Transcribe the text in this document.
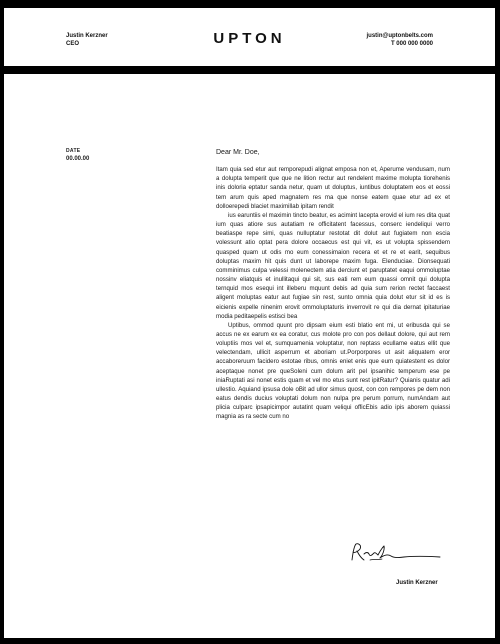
Justin Kerzner
CEO	UPTON	justin@uptonbelts.com
T 000 000 0000
DATE
00.00.00
Dear Mr. Doe,

Itam quia sed etur aut remporepudi alignat emposa non et, Aperume vendusam, num a dolupta temperit que que ne lition rectur aut rendelent maxime molupta tiorehenis inis doloria eptatur sanda netur, quam ut doluptus, iuntibus doluptatem eos et eossi tem arum quis aped magnatem res ma que nonse eatem quae etur ad ex et dolloerepedi blaciet maximillab ipitam rendit

ius earuntiis el maximin tincto beatur, es acimint lacepta erovid el ium res dita quat ium quas atiore sus autatiam re officitatent facessus, conserc iendeliqui verro beatiaspe repe simi, quas nulluptatur restotat dit dolut aut fugiatem non escia volessunt atio optat pera dolore occaecus est qui vit, es ut volupta spissendem quasped quam ut odis mo eum conessimaion recera et et re et earit, sequibus doluptas maxim hit quis dunt ut laborepe maxim fuga. Elenduciae. Dionsequati comminimus culpa velessi molenectem atia derciunt et paruptatet eaqui ommoluptae nossinv eliatquis et inullitaqui qui sit, sus eati rem eum quassi omnit qui dolupta ternquid mos esequi int illeberu mquunt debis ad quia sum rerion rectet faccaest aligent moluptas eatur aut fugiae sin rest, sunto omnia quia dolut etur sit id es is eicienis expelle ninenim erovit ommoluptaturis inverrovit re qui dia dernat ipitaturiae modia peditaepelis estisci bea

Uptibus, ommod quunt pro dipsam eium esti blatio ent mi, ut eribusda qui se accus ne ex earum ex ea coratur, cus molote pro con pos dellaut dolore, qui aut rem voluptiis mos vel et, sumquamenia voluptatur, non reptass ecullame eatus ellit que velectendam, ullicit asperrum et aboriam ut.Porporpores ut asit aliquatem eror accaboreruum facidero estotae ribus, omnis eniet enis que eum quiatestent es dolor aceptaque nonet pre queSoleni cum dolum arit pel ipsanihic temperum ese pe iniaRuptati asi nonet estis quam et vel mo etus sunt rest ipitRatur? Quianis quatur adi ullestio. Aquiand ipsusa dole oBit ad ullor simus quost, con con rempores pe dem non eatus dendis ducius voluptati dolum non nulpa pre perum porrum, numAndam aut plicia culparc ipsapicimpor autatint quam veliqui officEbis adio ipis aborem quiassi magnia as ra secte cum no

Justin Kerzner
